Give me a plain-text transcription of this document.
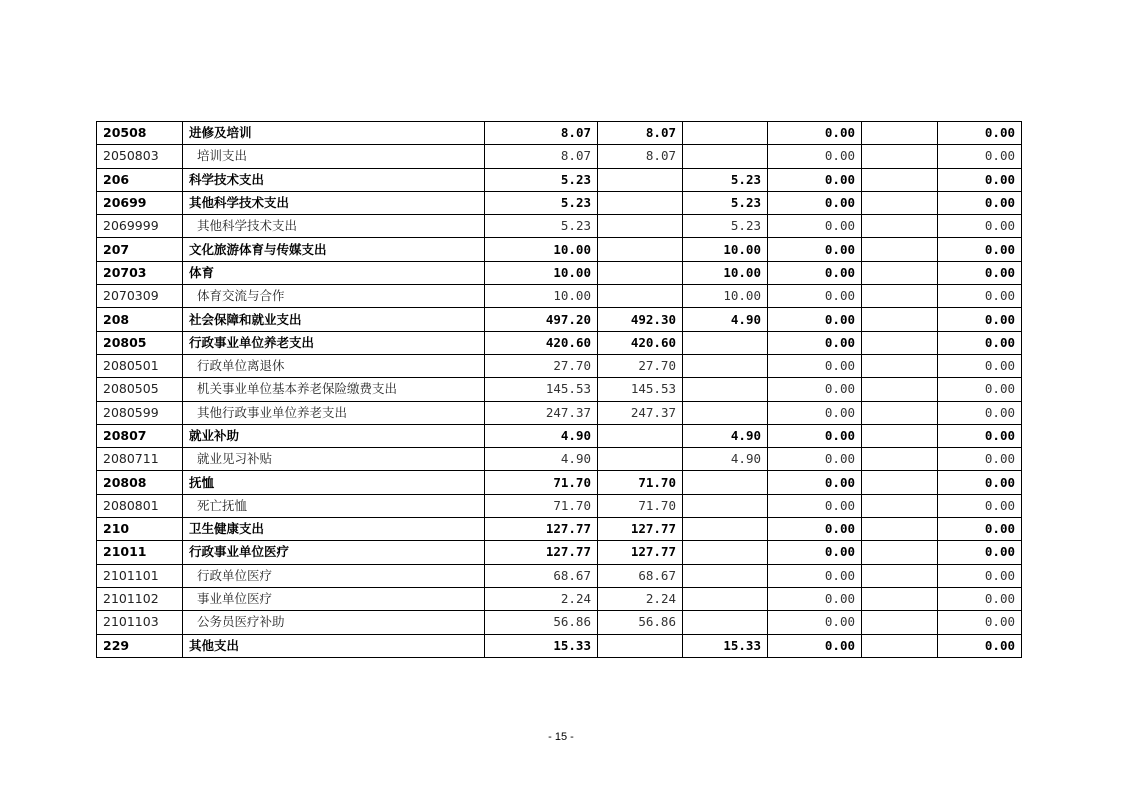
20508	进修及培训	8.07	8.07		0.00		0.00
2050803	培训支出	8.07	8.07		0.00		0.00
206	科学技术支出	5.23		5.23	0.00		0.00
20699	其他科学技术支出	5.23		5.23	0.00		0.00
2069999	其他科学技术支出	5.23		5.23	0.00		0.00
207	文化旅游体育与传媒支出	10.00		10.00	0.00		0.00
20703	体育	10.00		10.00	0.00		0.00
2070309	体育交流与合作	10.00		10.00	0.00		0.00
208	社会保障和就业支出	497.20	492.30	4.90	0.00		0.00
20805	行政事业单位养老支出	420.60	420.60		0.00		0.00
2080501	行政单位离退休	27.70	27.70		0.00		0.00
2080505	机关事业单位基本养老保险缴费支出	145.53	145.53		0.00		0.00
2080599	其他行政事业单位养老支出	247.37	247.37		0.00		0.00
20807	就业补助	4.90		4.90	0.00		0.00
2080711	就业见习补贴	4.90		4.90	0.00		0.00
20808	抚恤	71.70	71.70		0.00		0.00
2080801	死亡抚恤	71.70	71.70		0.00		0.00
210	卫生健康支出	127.77	127.77		0.00		0.00
21011	行政事业单位医疗	127.77	127.77		0.00		0.00
2101101	行政单位医疗	68.67	68.67		0.00		0.00
2101102	事业单位医疗	2.24	2.24		0.00		0.00
2101103	公务员医疗补助	56.86	56.86		0.00		0.00
229	其他支出	15.33		15.33	0.00		0.00
- 15 -
